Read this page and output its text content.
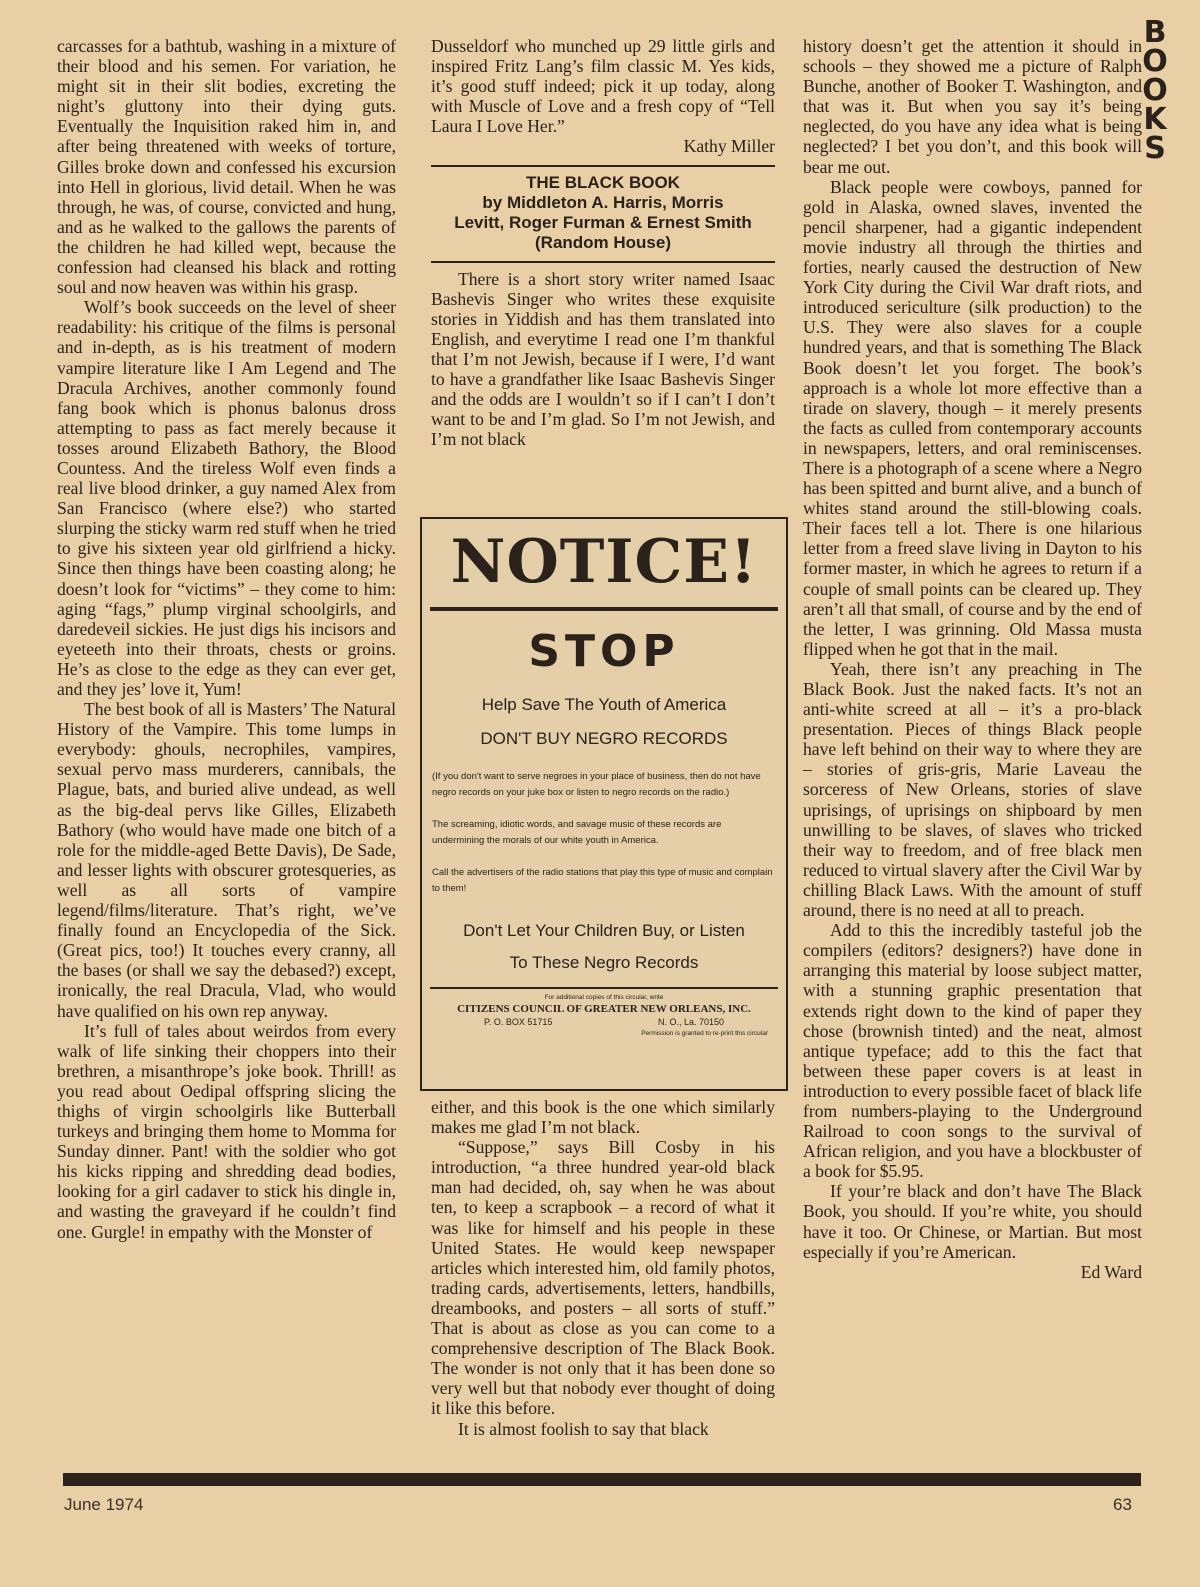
carcasses for a bathtub, washing in a mixture of their blood and his semen. For variation, he might sit in their slit bodies, excreting the night’s gluttony into their dying guts. Eventually the Inquisition raked him in, and after being threatened with weeks of torture, Gilles broke down and confessed his excursion into Hell in glorious, livid detail. When he was through, he was, of course, convicted and hung, and as he walked to the gallows the parents of the children he had killed wept, because the confession had cleansed his black and rotting soul and now heaven was within his grasp.

Wolf’s book succeeds on the level of sheer readability: his critique of the films is personal and in-depth, as is his treatment of modern vampire literature like I Am Legend and The Dracula Archives, another commonly found fang book which is phonus balonus dross attempting to pass as fact merely because it tosses around Elizabeth Bathory, the Blood Countess. And the tireless Wolf even finds a real live blood drinker, a guy named Alex from San Francisco (where else?) who started slurping the sticky warm red stuff when he tried to give his sixteen year old girlfriend a hicky. Since then things have been coasting along; he doesn’t look for “victims” – they come to him: aging “fags,” plump virginal schoolgirls, and daredeveil sickies. He just digs his incisors and eyeteeth into their throats, chests or groins. He’s as close to the edge as they can ever get, and they jes’ love it, Yum!

The best book of all is Masters’ The Natural History of the Vampire. This tome lumps in everybody: ghouls, necrophiles, vampires, sexual pervo mass murderers, cannibals, the Plague, bats, and buried alive undead, as well as the big-deal pervs like Gilles, Elizabeth Bathory (who would have made one bitch of a role for the middle-aged Bette Davis), De Sade, and lesser lights with obscurer grotesqueries, as well as all sorts of vampire legend/films/literature. That’s right, we’ve finally found an Encyclopedia of the Sick. (Great pics, too!) It touches every cranny, all the bases (or shall we say the debased?) except, ironically, the real Dracula, Vlad, who would have qualified on his own rep anyway.

It’s full of tales about weirdos from every walk of life sinking their choppers into their brethren, a misanthrope’s joke book. Thrill! as you read about Oedipal offspring slicing the thighs of virgin schoolgirls like Butterball turkeys and bringing them home to Momma for Sunday dinner. Pant! with the soldier who got his kicks ripping and shredding dead bodies, looking for a girl cadaver to stick his dingle in, and wasting the graveyard if he couldn’t find one. Gurgle! in empathy with the Monster of

Dusseldorf who munched up 29 little girls and inspired Fritz Lang’s film classic M. Yes kids, it’s good stuff indeed; pick it up today, along with Muscle of Love and a fresh copy of “Tell Laura I Love Her.”

Kathy Miller

THE BLACK BOOK
by Middleton A. Harris, Morris
Levitt, Roger Furman & Ernest Smith
(Random House)

There is a short story writer named Isaac Bashevis Singer who writes these exquisite stories in Yiddish and has them translated into English, and everytime I read one I’m thankful that I’m not Jewish, because if I were, I’d want to have a grandfather like Isaac Bashevis Singer and the odds are I wouldn’t so if I can’t I don’t want to be and I’m glad. So I’m not Jewish, and I’m not black

NOTICE!
STOP
Help Save The Youth of America
DON'T BUY NEGRO RECORDS
(If you don't want to serve negroes in your place of business, then do not have negro records on your juke box or listen to negro records on the radio.)
The screaming, idiotic words, and savage music of these records are undermining the morals of our white youth in America.
Call the advertisers of the radio stations that play this type of music and complain to them!
Don't Let Your Children Buy, or Listen
To These Negro Records
For additional copies of this circular, write
CITIZENS COUNCIL OF GREATER NEW ORLEANS, INC.
P. O. BOX 51715	N. O., La. 70150
Permission is granted to re-print this circular

either, and this book is the one which similarly makes me glad I’m not black.

“Suppose,” says Bill Cosby in his introduction, “a three hundred year-old black man had decided, oh, say when he was about ten, to keep a scrapbook – a record of what it was like for himself and his people in these United States. He would keep newspaper articles which interested him, old family photos, trading cards, advertisements, letters, handbills, dreambooks, and posters – all sorts of stuff.” That is about as close as you can come to a comprehensive description of The Black Book. The wonder is not only that it has been done so very well but that nobody ever thought of doing it like this before.

It is almost foolish to say that black

history doesn’t get the attention it should in schools – they showed me a picture of Ralph Bunche, another of Booker T. Washington, and that was it. But when you say it’s being neglected, do you have any idea what is being neglected? I bet you don’t, and this book will bear me out.

Black people were cowboys, panned for gold in Alaska, owned slaves, invented the pencil sharpener, had a gigantic independent movie industry all through the thirties and forties, nearly caused the destruction of New York City during the Civil War draft riots, and introduced sericulture (silk production) to the U.S. They were also slaves for a couple hundred years, and that is something The Black Book doesn’t let you forget. The book’s approach is a whole lot more effective than a tirade on slavery, though – it merely presents the facts as culled from contemporary accounts in newspapers, letters, and oral reminiscenses. There is a photograph of a scene where a Negro has been spitted and burnt alive, and a bunch of whites stand around the still-blowing coals. Their faces tell a lot. There is one hilarious letter from a freed slave living in Dayton to his former master, in which he agrees to return if a couple of small points can be cleared up. They aren’t all that small, of course and by the end of the letter, I was grinning. Old Massa musta flipped when he got that in the mail.

Yeah, there isn’t any preaching in The Black Book. Just the naked facts. It’s not an anti-white screed at all – it’s a pro-black presentation. Pieces of things Black people have left behind on their way to where they are – stories of gris-gris, Marie Laveau the sorceress of New Orleans, stories of slave uprisings, of uprisings on shipboard by men unwilling to be slaves, of slaves who tricked their way to freedom, and of free black men reduced to virtual slavery after the Civil War by chilling Black Laws. With the amount of stuff around, there is no need at all to preach.

Add to this the incredibly tasteful job the compilers (editors? designers?) have done in arranging this material by loose subject matter, with a stunning graphic presentation that extends right down to the kind of paper they chose (brownish tinted) and the neat, almost antique typeface; add to this the fact that between these paper covers is at least in introduction to every possible facet of black life from numbers-playing to the Underground Railroad to coon songs to the survival of African religion, and you have a blockbuster of a book for $5.95.

If your’re black and don’t have The Black Book, you should. If you’re white, you should have it too. Or Chinese, or Martian. But most especially if you’re American.

Ed Ward

B
O
O
K
S
June 1974	63
